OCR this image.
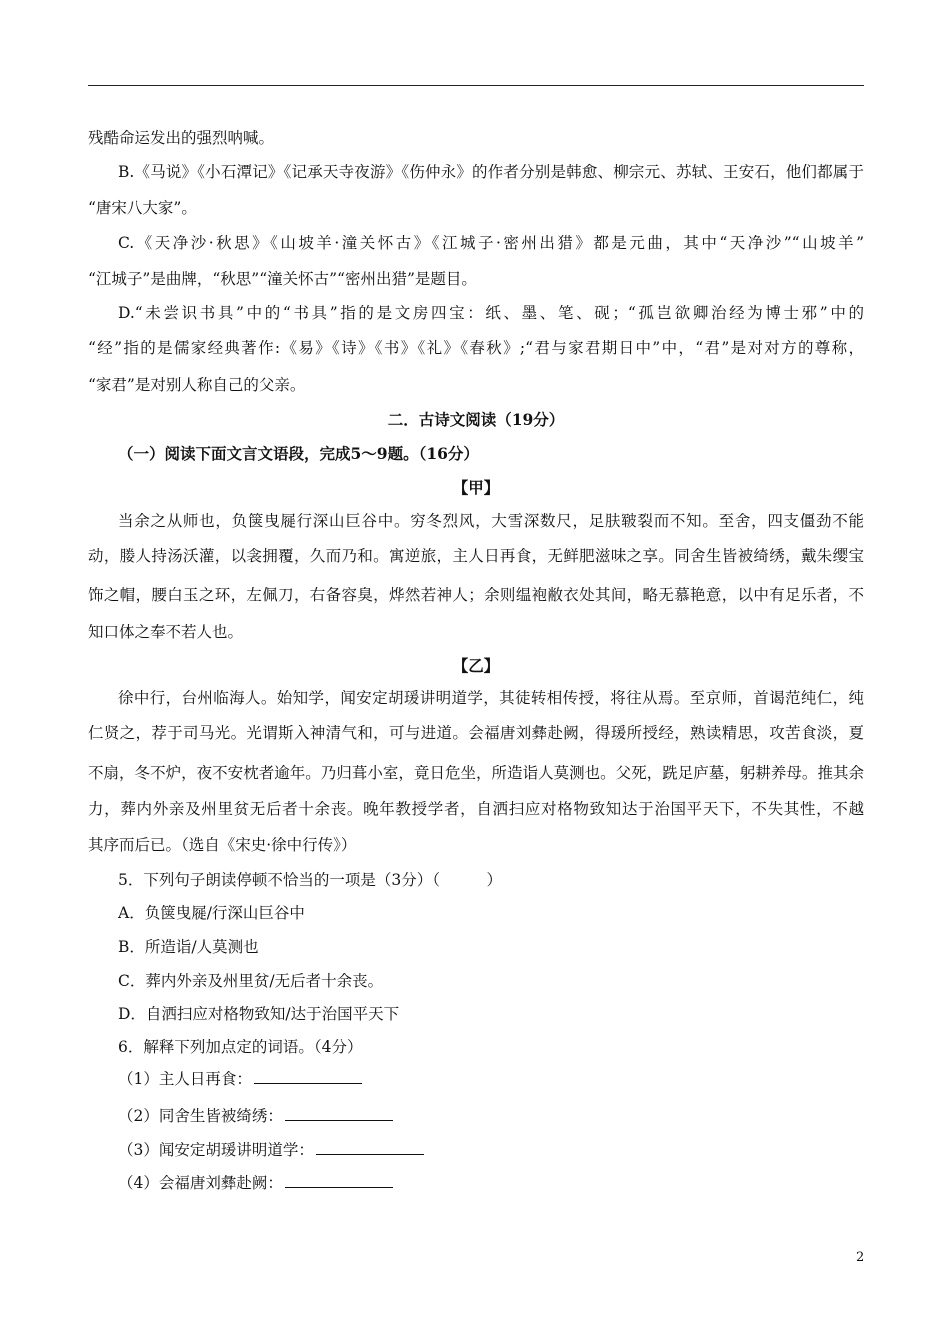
残酷命运发出的强烈呐喊。
B.《马说》《小石潭记》《记承天寺夜游》《伤仲永》的作者分别是韩愈、柳宗元、苏轼、王安石，他们都属于
“唐宋八大家”。
C.《天净沙·秋思》《山坡羊·潼关怀古》《江城子·密州出猎》都是元曲，其中“天净沙”“山坡羊”
“江城子”是曲牌，“秋思”“潼关怀古”“密州出猎”是题目。
D.“未尝识书具”中的“书具”指的是文房四宝：纸、墨、笔、砚；“孤岂欲卿治经为博士邪”中的
“经”指的是儒家经典著作:《易》《诗》《书》《礼》《春秋》;“君与家君期日中”中，“君”是对对方的尊称，
“家君”是对别人称自己的父亲。
二．古诗文阅读（19分）
（一）阅读下面文言文语段，完成5～9题。（16分）
【甲】
当余之从师也，负箧曳屣行深山巨谷中。穷冬烈风，大雪深数尺，足肤皲裂而不知。至舍，四支僵劲不能
动，媵人持汤沃灌，以衾拥覆，久而乃和。寓逆旅，主人日再食，无鲜肥滋味之享。同舍生皆被绮绣，戴朱缨宝
饰之帽，腰白玉之环，左佩刀，右备容臭，烨然若神人；余则缊袍敝衣处其间，略无慕艳意，以中有足乐者，不
知口体之奉不若人也。
【乙】
徐中行，台州临海人。始知学，闻安定胡瑗讲明道学，其徒转相传授，将往从焉。至京师，首谒范纯仁，纯
仁贤之，荐于司马光。光谓斯入神清气和，可与进道。会福唐刘彝赴阙，得瑗所授经，熟读精思，攻苦食淡，夏
不扇，冬不炉，夜不安枕者逾年。乃归葺小室，竟日危坐，所造诣人莫测也。父死，跣足庐墓，躬耕养母。推其余
力，葬内外亲及州里贫无后者十余丧。晚年教授学者，自洒扫应对格物致知达于治国平天下，不失其性，不越
其序而后已。（选自《宋史·徐中行传》）
5．下列句子朗读停顿不恰当的一项是（3分）（　　　）
A．负箧曳屣/行深山巨谷中
B．所造诣/人莫测也
C．葬内外亲及州里贫/无后者十余丧。
D．自洒扫应对格物致知/达于治国平天下
6．解释下列加点定的词语。（4分）
（1）主人日再食：
（2）同舍生皆被绮绣：
（3）闻安定胡瑗讲明道学：
（4）会福唐刘彝赴阙：
2
